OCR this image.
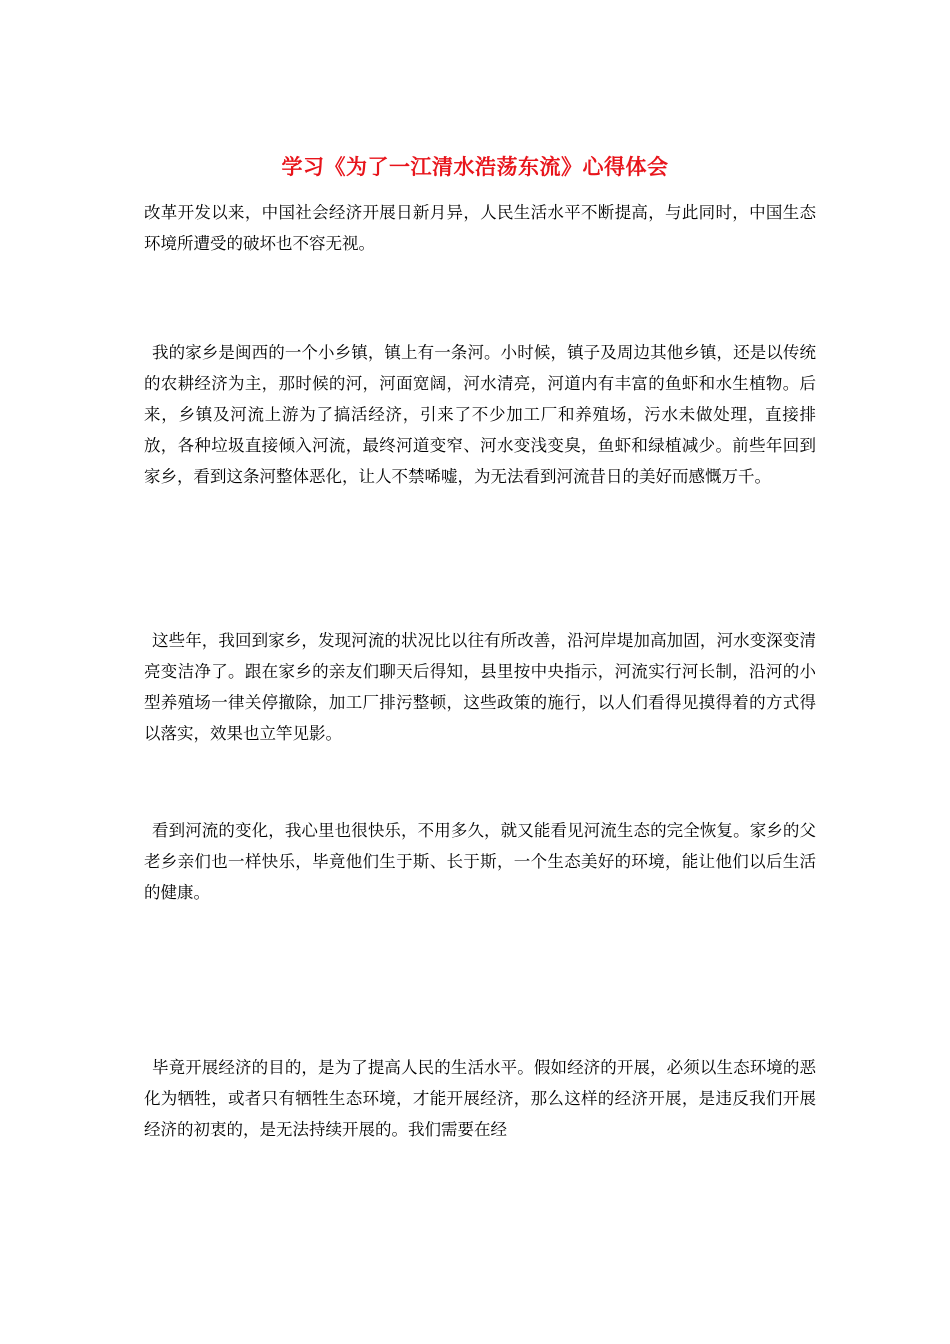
学习《为了一江清水浩荡东流》心得体会

改革开发以来，中国社会经济开展日新月异，人民生活水平不断提高，与此同时，中国生态环境所遭受的破坏也不容无视。

我的家乡是闽西的一个小乡镇，镇上有一条河。小时候，镇子及周边其他乡镇，还是以传统的农耕经济为主，那时候的河，河面宽阔，河水清亮，河道内有丰富的鱼虾和水生植物。后来，乡镇及河流上游为了搞活经济，引来了不少加工厂和养殖场，污水未做处理，直接排放，各种垃圾直接倾入河流，最终河道变窄、河水变浅变臭，鱼虾和绿植减少。前些年回到家乡，看到这条河整体恶化，让人不禁唏嘘，为无法看到河流昔日的美好而感慨万千。

这些年，我回到家乡，发现河流的状况比以往有所改善，沿河岸堤加高加固，河水变深变清亮变洁净了。跟在家乡的亲友们聊天后得知，县里按中央指示，河流实行河长制，沿河的小型养殖场一律关停撤除，加工厂排污整顿，这些政策的施行，以人们看得见摸得着的方式得以落实，效果也立竿见影。

看到河流的变化，我心里也很快乐，不用多久，就又能看见河流生态的完全恢复。家乡的父老乡亲们也一样快乐，毕竟他们生于斯、长于斯，一个生态美好的环境，能让他们以后生活的健康。

毕竟开展经济的目的，是为了提高人民的生活水平。假如经济的开展，必须以生态环境的恶化为牺牲，或者只有牺牲生态环境，才能开展经济，那么这样的经济开展，是违反我们开展经济的初衷的，是无法持续开展的。我们需要在经
